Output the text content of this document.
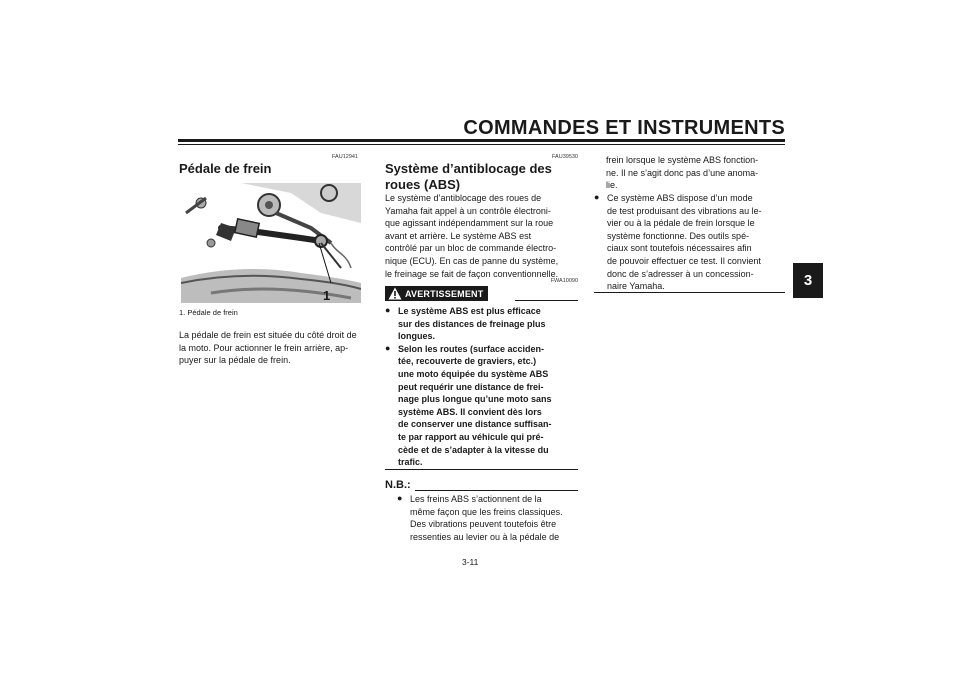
COMMANDES ET INSTRUMENTS
3
FAU12941
Pédale de frein
1
1. Pédale de frein
La pédale de frein est située du côté droit de
la moto. Pour actionner le frein arrière, ap-
puyer sur la pédale de frein.
FAU39530
Système d’antiblocage des
roues (ABS)
Le système d’antiblocage des roues de
Yamaha fait appel à un contrôle électroni-
que agissant indépendamment sur la roue
avant et arrière. Le système ABS est
contrôlé par un bloc de commande électro-
nique (ECU). En cas de panne du système,
le freinage se fait de façon conventionnelle.
FWA10090
AVERTISSEMENT
● Le système ABS est plus efficace
sur des distances de freinage plus
longues.
● Selon les routes (surface acciden-
tée, recouverte de graviers, etc.)
une moto équipée du système ABS
peut requérir une distance de frei-
nage plus longue qu’une moto sans
système ABS. Il convient dès lors
de conserver une distance suffisan-
te par rapport au véhicule qui pré-
cède et de s’adapter à la vitesse du
trafic.
N.B.:
● Les freins ABS s’actionnent de la
même façon que les freins classiques.
Des vibrations peuvent toutefois être
ressenties au levier ou à la pédale de
frein lorsque le système ABS fonction-
ne. Il ne s’agit donc pas d’une anoma-
lie.
● Ce système ABS dispose d’un mode
de test produisant des vibrations au le-
vier ou à la pédale de frein lorsque le
système fonctionne. Des outils spé-
ciaux sont toutefois nécessaires afin
de pouvoir effectuer ce test. Il convient
donc de s’adresser à un concession-
naire Yamaha.
3-11
